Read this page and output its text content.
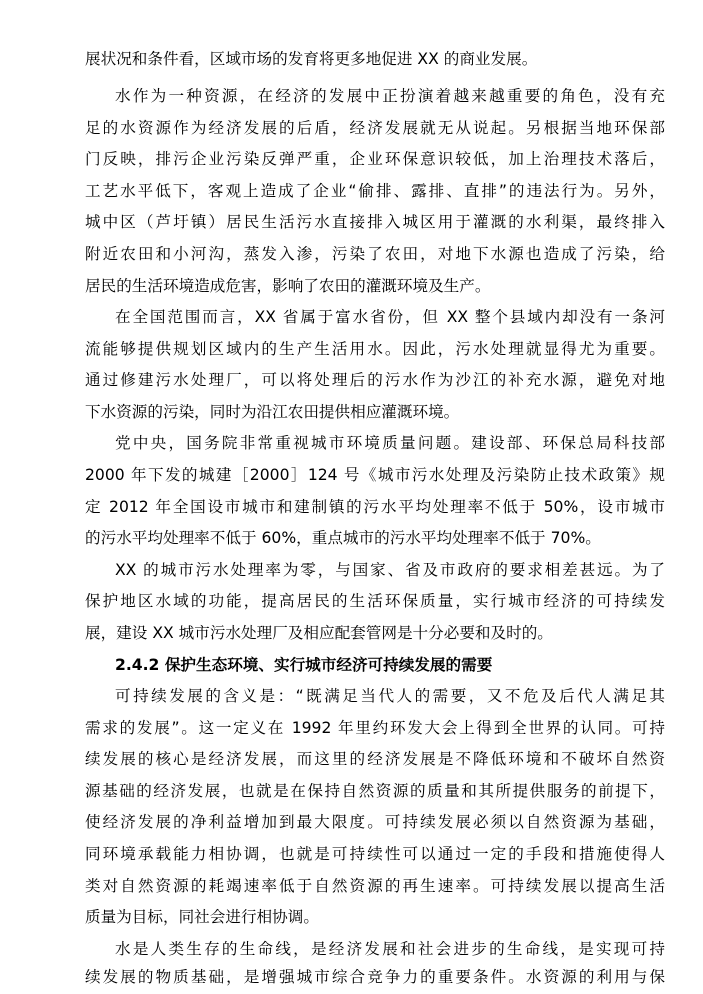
展状况和条件看，区域市场的发育将更多地促进 XX 的商业发展。
水作为一种资源，在经济的发展中正扮演着越来越重要的角色，没有充
足的水资源作为经济发展的后盾，经济发展就无从说起。另根据当地环保部
门反映，排污企业污染反弹严重，企业环保意识较低，加上治理技术落后，
工艺水平低下，客观上造成了企业“偷排、露排、直排”的违法行为。另外，
城中区（芦圩镇）居民生活污水直接排入城区用于灌溉的水利渠，最终排入
附近农田和小河沟，蒸发入渗，污染了农田，对地下水源也造成了污染，给
居民的生活环境造成危害，影响了农田的灌溉环境及生产。
在全国范围而言，XX 省属于富水省份，但 XX 整个县域内却没有一条河
流能够提供规划区域内的生产生活用水。因此，污水处理就显得尤为重要。
通过修建污水处理厂，可以将处理后的污水作为沙江的补充水源，避免对地
下水资源的污染，同时为沿江农田提供相应灌溉环境。
党中央，国务院非常重视城市环境质量问题。建设部、环保总局科技部
2000 年下发的城建［2000］124 号《城市污水处理及污染防止技术政策》规
定 2012 年全国设市城市和建制镇的污水平均处理率不低于 50%，设市城市
的污水平均处理率不低于 60%，重点城市的污水平均处理率不低于 70%。
XX 的城市污水处理率为零，与国家、省及市政府的要求相差甚远。为了
保护地区水域的功能，提高居民的生活环保质量，实行城市经济的可持续发
展，建设 XX 城市污水处理厂及相应配套管网是十分必要和及时的。
2.4.2 保护生态环境、实行城市经济可持续发展的需要
可持续发展的含义是：“既满足当代人的需要，又不危及后代人满足其
需求的发展”。这一定义在 1992 年里约环发大会上得到全世界的认同。可持
续发展的核心是经济发展，而这里的经济发展是不降低环境和不破坏自然资
源基础的经济发展，也就是在保持自然资源的质量和其所提供服务的前提下，
使经济发展的净利益增加到最大限度。可持续发展必须以自然资源为基础，
同环境承载能力相协调，也就是可持续性可以通过一定的手段和措施使得人
类对自然资源的耗竭速率低于自然资源的再生速率。可持续发展以提高生活
质量为目标，同社会进行相协调。
水是人类生存的生命线，是经济发展和社会进步的生命线，是实现可持
续发展的物质基础，是增强城市综合竞争力的重要条件。水资源的利用与保
